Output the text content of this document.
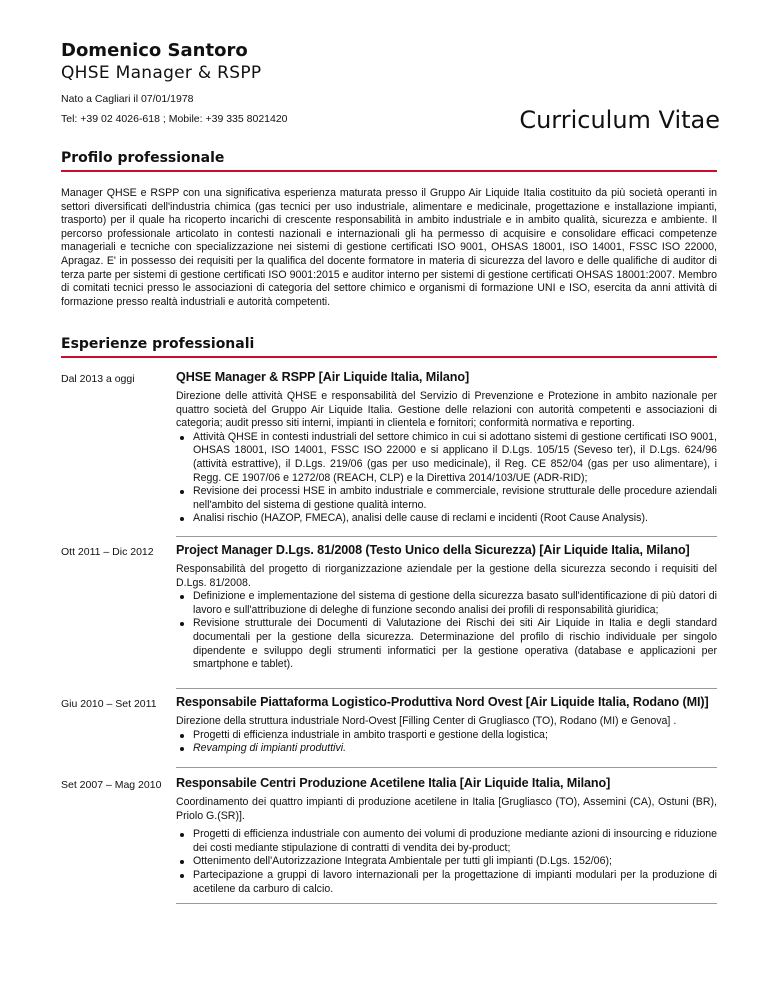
Domenico Santoro
QHSE Manager & RSPP
Nato a Cagliari il 07/01/1978
Tel: +39 02 4026-618 ; Mobile: +39 335 8021420	Curriculum Vitae
Profilo professionale
Manager QHSE e RSPP con una significativa esperienza maturata presso il Gruppo Air Liquide Italia costituito da più società operanti in settori diversificati dell'industria chimica (gas tecnici per uso industriale, alimentare e medicinale, progettazione e installazione impianti, trasporto) per il quale ha ricoperto incarichi di crescente responsabilità in ambito industriale e in ambito qualità, sicurezza e ambiente. Il percorso professionale articolato in contesti nazionali e internazionali gli ha permesso di acquisire e consolidare efficaci competenze manageriali e tecniche con specializzazione nei sistemi di gestione certificati ISO 9001, OHSAS 18001, ISO 14001, FSSC ISO 22000, Apragaz. E' in possesso dei requisiti per la qualifica del docente formatore in materia di sicurezza del lavoro e delle qualifiche di auditor di terza parte per sistemi di gestione certificati ISO 9001:2015 e auditor interno per sistemi di gestione certificati OHSAS 18001:2007. Membro di comitati tecnici presso le associazioni di categoria del settore chimico e organismi di formazione UNI e ISO, esercita da anni attività di formazione presso realtà industriali e autorità competenti.
Esperienze professionali
Dal 2013 a oggi	QHSE Manager & RSPP [Air Liquide Italia, Milano]
Direzione delle attività QHSE e responsabilità del Servizio di Prevenzione e Protezione in ambito nazionale per quattro società del Gruppo Air Liquide Italia. Gestione delle relazioni con autorità competenti e associazioni di categoria; audit presso siti interni, impianti in clientela e fornitori; conformità normativa e reporting.
Attività QHSE in contesti industriali del settore chimico in cui si adottano sistemi di gestione certificati ISO 9001, OHSAS 18001, ISO 14001, FSSC ISO 22000 e si applicano il D.Lgs. 105/15 (Seveso ter), il D.Lgs. 624/96 (attività estrattive), il D.Lgs. 219/06 (gas per uso medicinale), il Reg. CE 852/04 (gas per uso alimentare), i Regg. CE 1907/06 e 1272/08 (REACH, CLP) e la Direttiva 2014/103/UE (ADR-RID);
Revisione dei processi HSE in ambito industriale e commerciale, revisione strutturale delle procedure aziendali nell'ambito del sistema di gestione qualità interno.
Analisi rischio (HAZOP, FMECA), analisi delle cause di reclami e incidenti (Root Cause Analysis).
Ott 2011 – Dic 2012 Project Manager D.Lgs. 81/2008 (Testo Unico della Sicurezza) [Air Liquide Italia, Milano]
Responsabilità del progetto di riorganizzazione aziendale per la gestione della sicurezza secondo i requisiti del D.Lgs. 81/2008.
Definizione e implementazione del sistema di gestione della sicurezza basato sull'identificazione di più datori di lavoro e sull'attribuzione di deleghe di funzione secondo analisi dei profili di responsabilità giuridica;
Revisione strutturale dei Documenti di Valutazione dei Rischi dei siti Air Liquide in Italia e degli standard documentali per la gestione della sicurezza. Determinazione del profilo di rischio individuale per singolo dipendente e sviluppo degli strumenti informatici per la gestione operativa (database e applicazioni per smartphone e tablet).
Giu 2010 – Set 2011 Responsabile Piattaforma Logistico-Produttiva Nord Ovest [Air Liquide Italia, Rodano (MI)]
Direzione della struttura industriale Nord-Ovest [Filling Center di Grugliasco (TO), Rodano (MI) e Genova] .
Progetti di efficienza industriale in ambito trasporti e gestione della logistica;
Revamping di impianti produttivi.
Set 2007 – Mag 2010 Responsabile Centri Produzione Acetilene Italia [Air Liquide Italia, Milano]
Coordinamento dei quattro impianti di produzione acetilene in Italia [Grugliasco (TO), Assemini (CA), Ostuni (BR), Priolo G.(SR)].
Progetti di efficienza industriale con aumento dei volumi di produzione mediante azioni di insourcing e riduzione dei costi mediante stipulazione di contratti di vendita dei by-product;
Ottenimento dell'Autorizzazione Integrata Ambientale per tutti gli impianti (D.Lgs. 152/06);
Partecipazione a gruppi di lavoro internazionali per la progettazione di impianti modulari per la produzione di acetilene da carburo di calcio.
